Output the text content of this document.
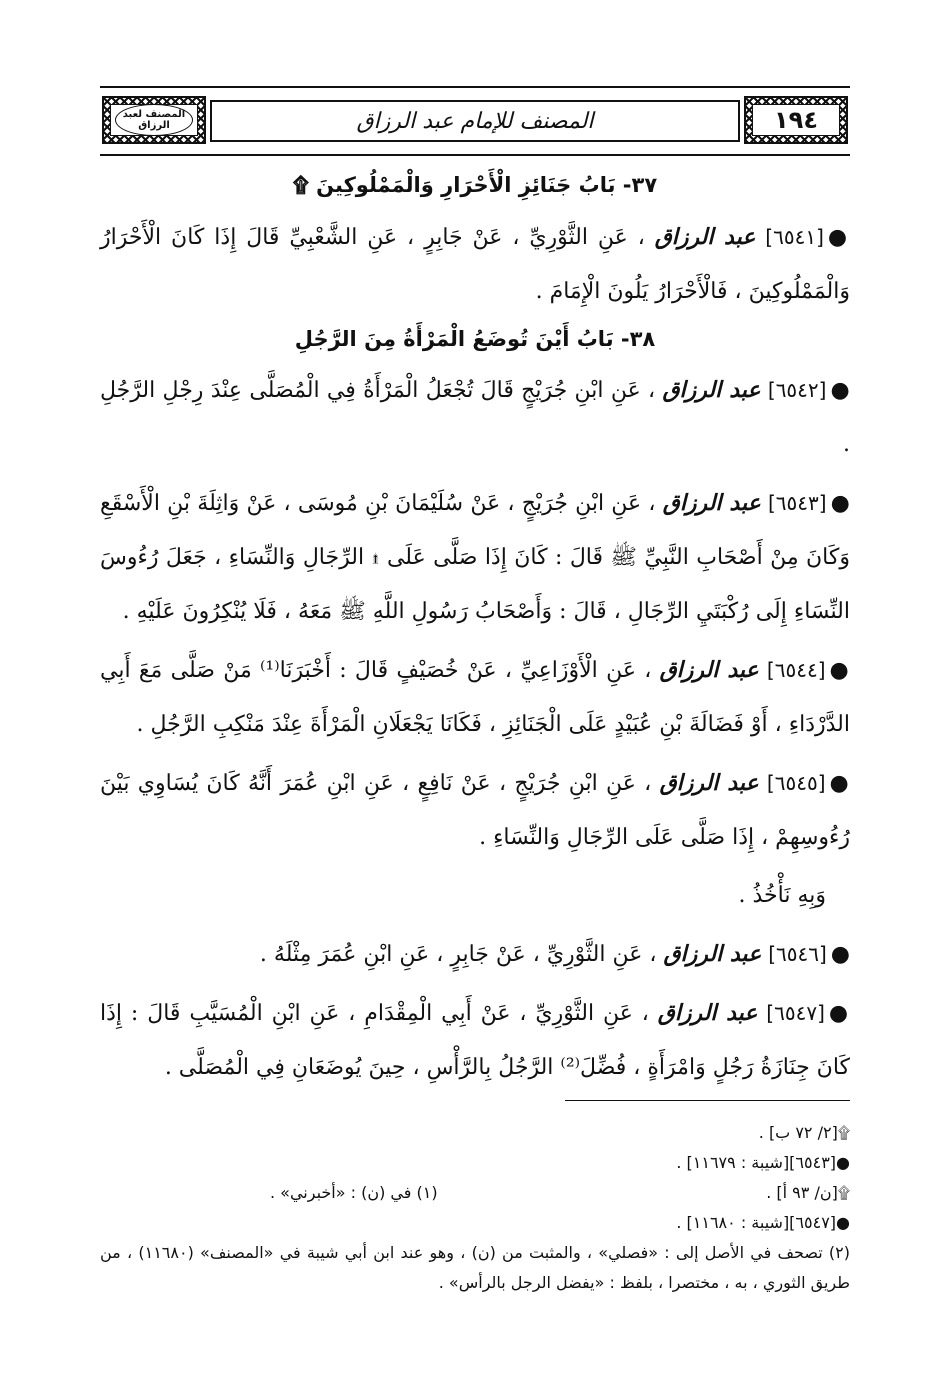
١٩٤
المصنف للإمام عبد الرزاق
المصنف لعبد الرزاق
٣٧- بَابُ جَنَائِزِ الْأَحْرَارِ وَالْمَمْلُوكِينَ ۩

●[٦٥٤١] عبد الرزاق ، عَنِ الثَّوْرِيِّ ، عَنْ جَابِرٍ ، عَنِ الشَّعْبِيِّ قَالَ إِذَا كَانَ الْأَحْرَارُ وَالْمَمْلُوكِينَ ، فَالْأَحْرَارُ يَلُونَ الْإِمَامَ .

٣٨- بَابُ أَيْنَ تُوضَعُ الْمَرْأَةُ مِنَ الرَّجُلِ

●[٦٥٤٢] عبد الرزاق ، عَنِ ابْنِ جُرَيْجٍ قَالَ تُجْعَلُ الْمَرْأَةُ فِي الْمُصَلَّى عِنْدَ رِجْلِ الرَّجُلِ .

●[٦٥٤٣] عبد الرزاق ، عَنِ ابْنِ جُرَيْجٍ ، عَنْ سُلَيْمَانَ بْنِ مُوسَى ، عَنْ وَاثِلَةَ بْنِ الْأَسْقَعِ وَكَانَ مِنْ أَصْحَابِ النَّبِيِّ ﷺ قَالَ : كَانَ إِذَا صَلَّى عَلَى ۩ الرِّجَالِ وَالنِّسَاءِ ، جَعَلَ رُءُوسَ النِّسَاءِ إِلَى رُكْبَتَيِ الرِّجَالِ ، قَالَ : وَأَصْحَابُ رَسُولِ اللَّهِ ﷺ مَعَهُ ، فَلَا يُنْكِرُونَ عَلَيْهِ .

●[٦٥٤٤] عبد الرزاق ، عَنِ الْأَوْزَاعِيِّ ، عَنْ خُصَيْفٍ قَالَ : أَخْبَرَنَا⁽¹⁾ مَنْ صَلَّى مَعَ أَبِي الدَّرْدَاءِ ، أَوْ فَضَالَةَ بْنِ عُبَيْدٍ عَلَى الْجَنَائِزِ ، فَكَانَا يَجْعَلَانِ الْمَرْأَةَ عِنْدَ مَنْكِبِ الرَّجُلِ .

●[٦٥٤٥] عبد الرزاق ، عَنِ ابْنِ جُرَيْجٍ ، عَنْ نَافِعٍ ، عَنِ ابْنِ عُمَرَ أَنَّهُ كَانَ يُسَاوِي بَيْنَ رُءُوسِهِمْ ، إِذَا صَلَّى عَلَى الرِّجَالِ وَالنِّسَاءِ .

وَبِهِ نَأْخُذُ .

●[٦٥٤٦] عبد الرزاق ، عَنِ الثَّوْرِيِّ ، عَنْ جَابِرٍ ، عَنِ ابْنِ عُمَرَ مِثْلَهُ .

●[٦٥٤٧] عبد الرزاق ، عَنِ الثَّوْرِيِّ ، عَنْ أَبِي الْمِقْدَامِ ، عَنِ ابْنِ الْمُسَيَّبِ قَالَ : إِذَا كَانَ جِنَازَةُ رَجُلٍ وَامْرَأَةٍ ، فُضِّلَ⁽²⁾ الرَّجُلُ بِالرَّأْسِ ، حِينَ يُوضَعَانِ فِي الْمُصَلَّى .

۩[٢/ ٧٢ ب] .
●[٦٥٤٣][شيبة : ١١٦٧٩] .
۩[ن/ ٩٣ أ] .
(١) في (ن) : «أخبرني» .
●[٦٥٤٧][شيبة : ١١٦٨٠] .
(٢) تصحف في الأصل إلى : «فصلي» ، والمثبت من (ن) ، وهو عند ابن أبي شيبة في «المصنف» (١١٦٨٠) ، من طريق الثوري ، به ، مختصرا ، بلفظ : «يفضل الرجل بالرأس» .
